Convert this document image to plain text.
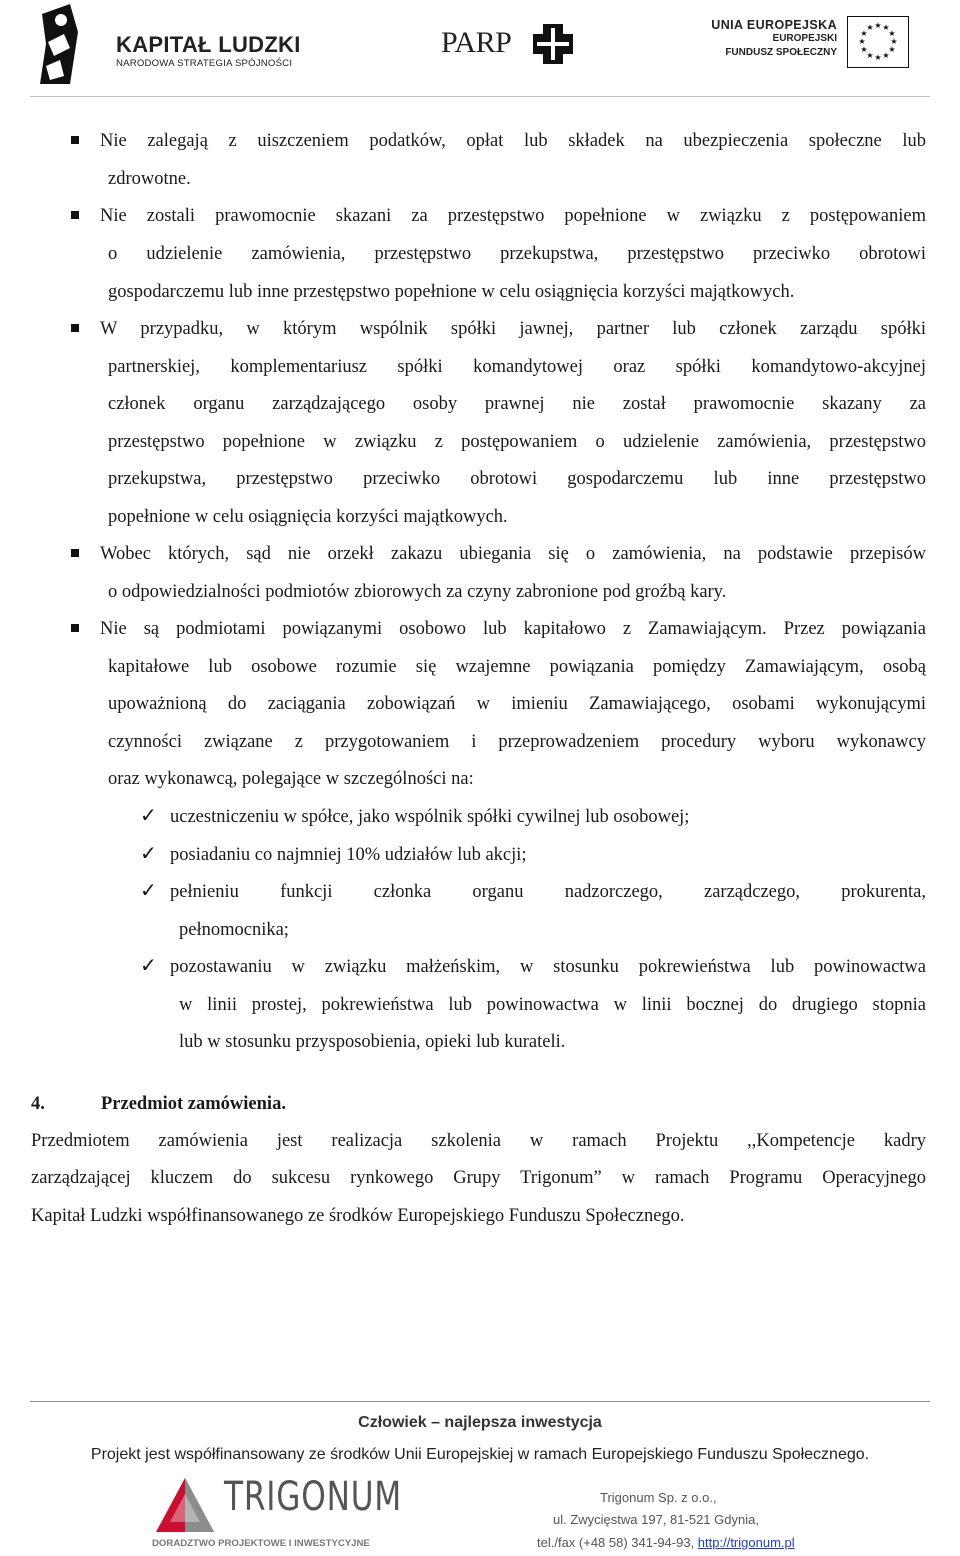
KAPITAŁ LUDZKI
NARODOWA STRATEGIA SPÓJNOŚCI
PARP
UNIA EUROPEJSKA
EUROPEJSKI
FUNDUSZ SPOŁECZNY
★ ★
★
★
★
★
★
★
★
★
★
★
Nie zalegają z uiszczeniem podatków, opłat lub składek na ubezpieczenia społeczne lub
zdrowotne.
Nie zostali prawomocnie skazani za przestępstwo popełnione w związku z postępowaniem
o udzielenie zamówienia, przestępstwo przekupstwa, przestępstwo przeciwko obrotowi
gospodarczemu lub inne przestępstwo popełnione w celu osiągnięcia korzyści majątkowych.
W przypadku, w którym wspólnik spółki jawnej, partner lub członek zarządu spółki
partnerskiej, komplementariusz spółki komandytowej oraz spółki komandytowo-akcyjnej
członek organu zarządzającego osoby prawnej nie został prawomocnie skazany za
przestępstwo popełnione w związku z postępowaniem o udzielenie zamówienia, przestępstwo
przekupstwa, przestępstwo przeciwko obrotowi gospodarczemu lub inne przestępstwo
popełnione w celu osiągnięcia korzyści majątkowych.
Wobec których, sąd nie orzekł zakazu ubiegania się o zamówienia, na podstawie przepisów
o odpowiedzialności podmiotów zbiorowych za czyny zabronione pod groźbą kary.
Nie są podmiotami powiązanymi osobowo lub kapitałowo z Zamawiającym. Przez powiązania
kapitałowe lub osobowe rozumie się wzajemne powiązania pomiędzy Zamawiającym, osobą
upoważnioną do zaciągania zobowiązań w imieniu Zamawiającego, osobami wykonującymi
czynności związane z przygotowaniem i przeprowadzeniem procedury wyboru wykonawcy
oraz wykonawcą, polegające w szczególności na:
✓ uczestniczeniu w spółce, jako wspólnik spółki cywilnej lub osobowej;
✓ posiadaniu co najmniej 10% udziałów lub akcji;
✓ pełnieniu funkcji członka organu nadzorczego, zarządczego, prokurenta,
pełnomocnika;
✓ pozostawaniu w związku małżeńskim, w stosunku pokrewieństwa lub powinowactwa
w linii prostej, pokrewieństwa lub powinowactwa w linii bocznej do drugiego stopnia
lub w stosunku przysposobienia, opieki lub kurateli.
4.	Przedmiot zamówienia.
Przedmiotem zamówienia jest realizacja szkolenia w ramach Projektu ,,Kompetencje kadry
zarządzającej kluczem do sukcesu rynkowego Grupy Trigonum” w ramach Programu Operacyjnego
Kapitał Ludzki współfinansowanego ze środków Europejskiego Funduszu Społecznego.
Człowiek – najlepsza inwestycja
Projekt jest współfinansowany ze środków Unii Europejskiej w ramach Europejskiego Funduszu Społecznego.
TRIGONUM
DORADZTWO PROJEKTOWE I INWESTYCYJNE
Trigonum Sp. z o.o.,
ul. Zwycięstwa 197, 81-521 Gdynia,
tel./fax (+48 58) 341-94-93, http://trigonum.pl
